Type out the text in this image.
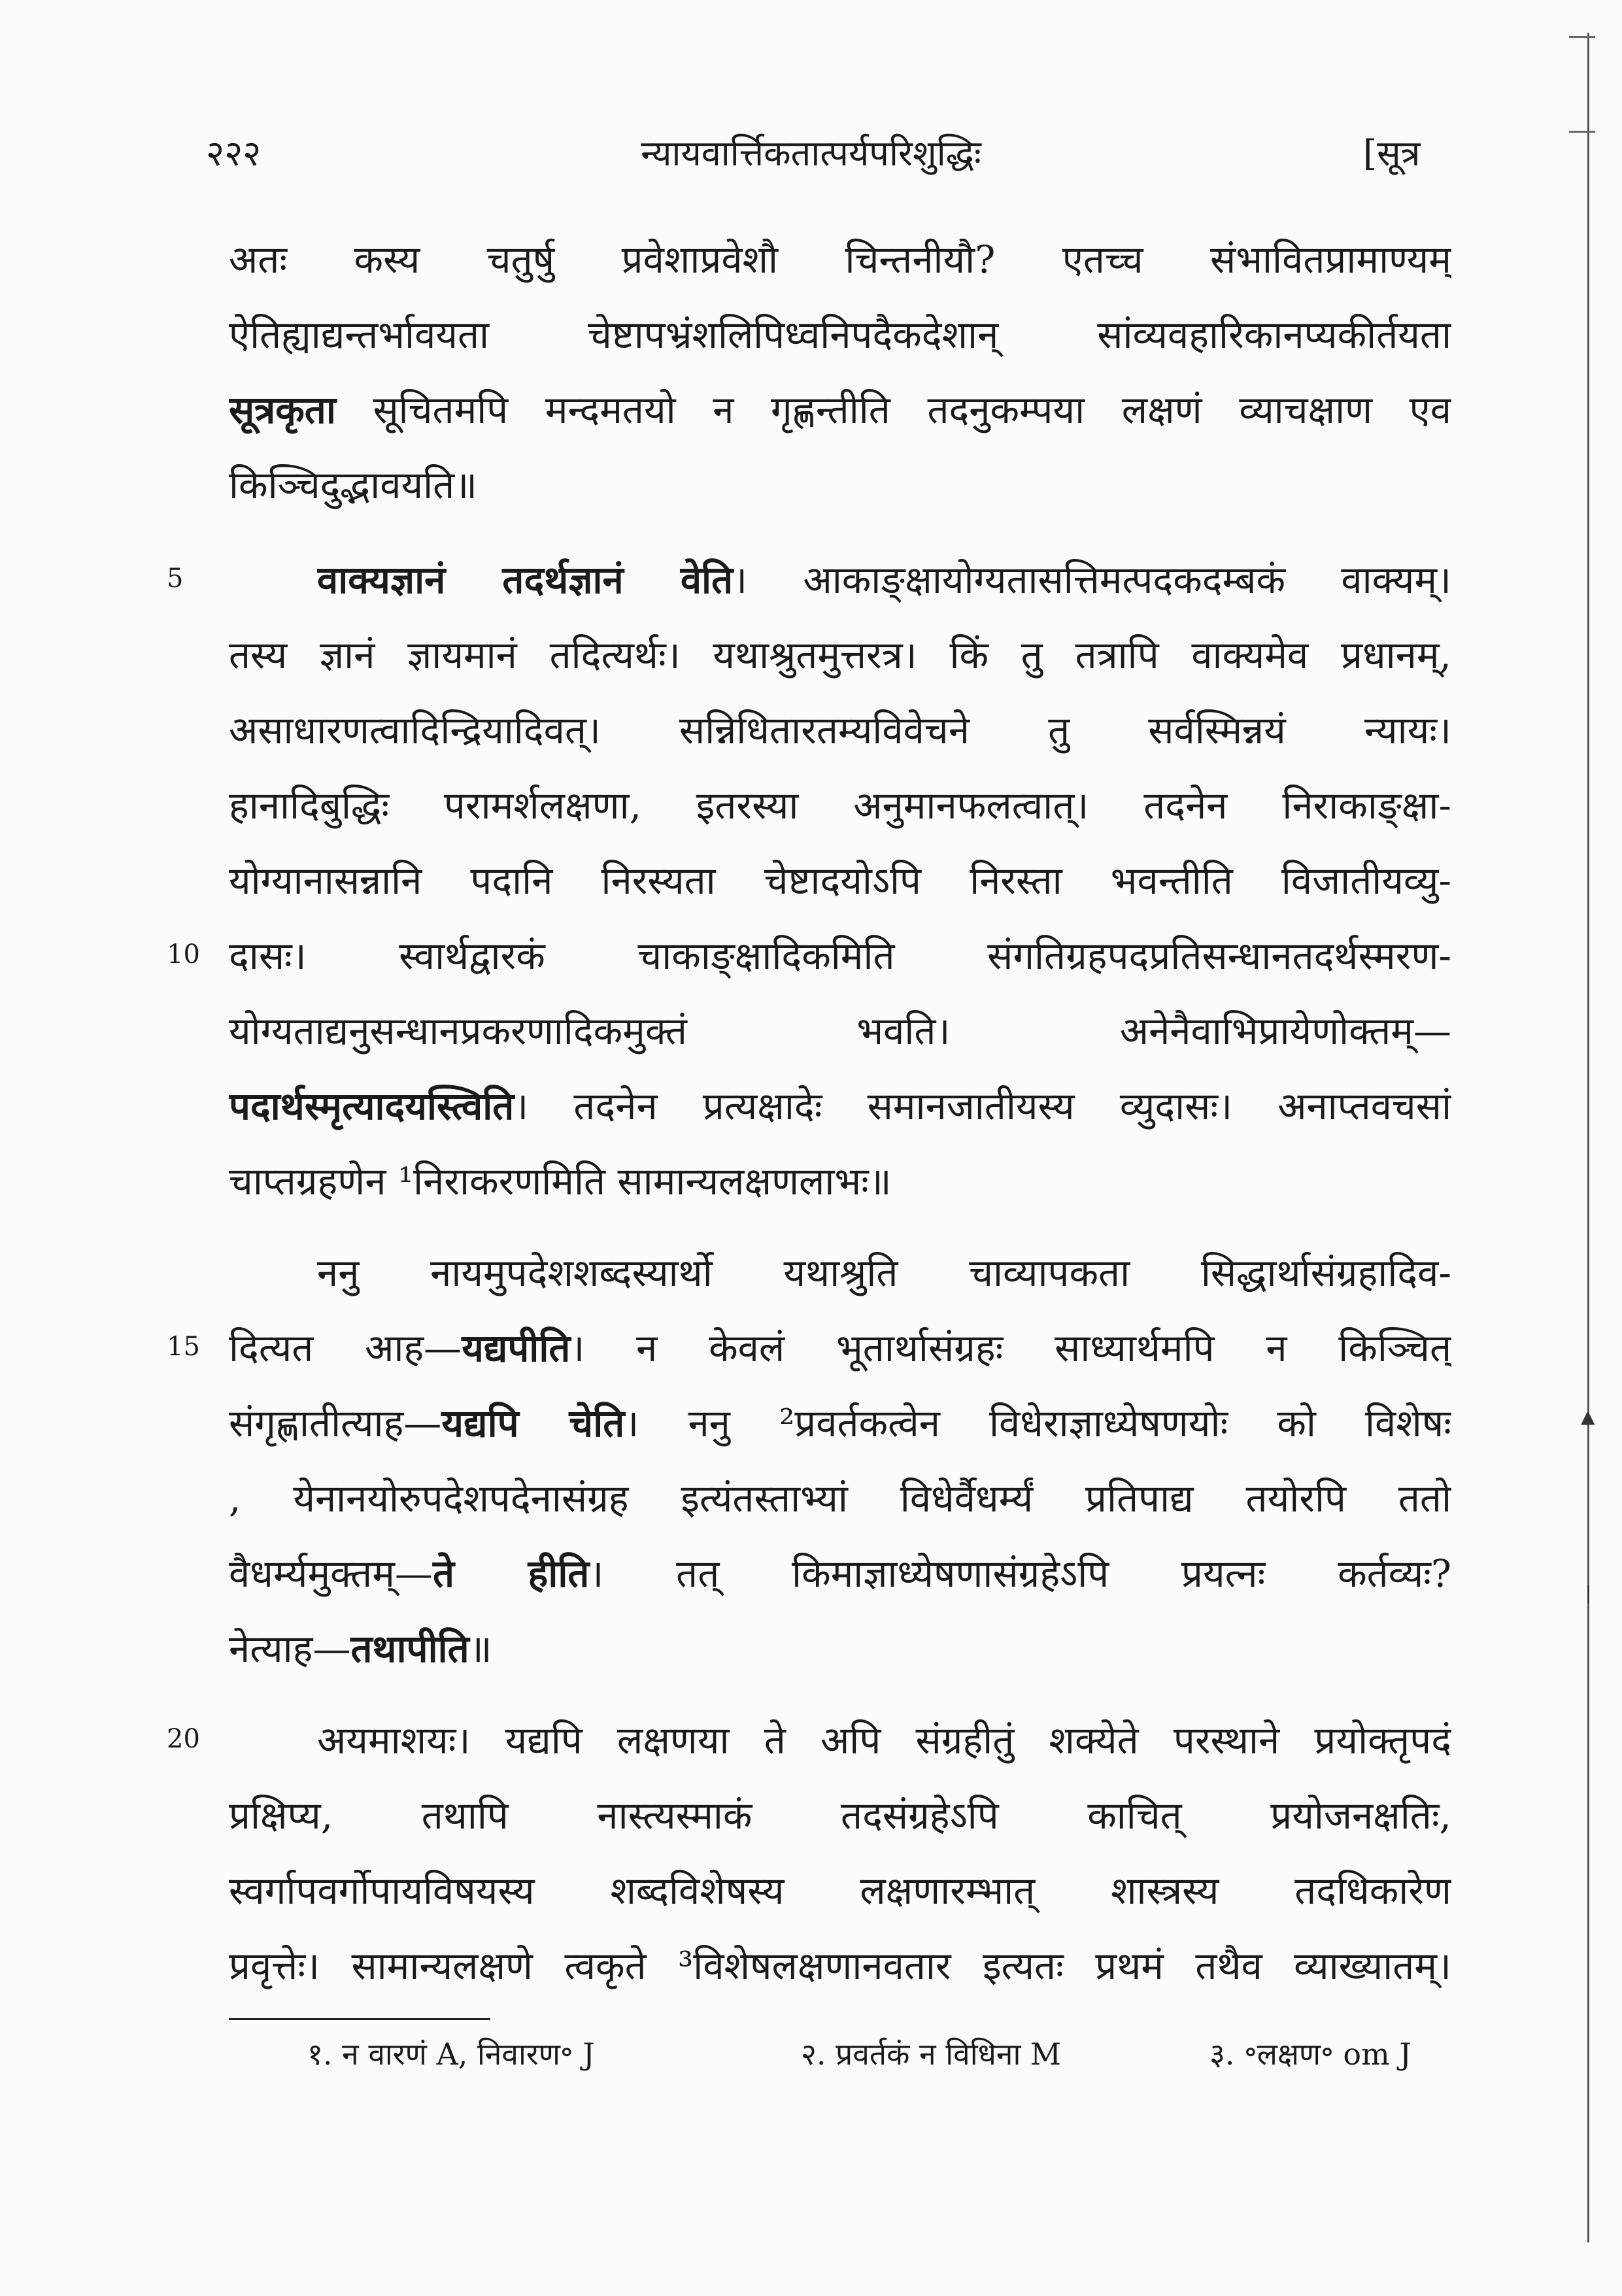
२२२	न्यायवार्त्तिकतात्पर्यपरिशुद्धिः	[सूत्र
अतः कस्य चतुर्षु प्रवेशाप्रवेशौ चिन्तनीयौ? एतच्च संभावितप्रामाण्यम्
ऐतिह्याद्यन्तर्भावयता चेष्टापभ्रंशलिपिध्वनिपदैकदेशान् सांव्यवहारिकानप्यकीर्तयता
सूत्रकृता सूचितमपि मन्दमतयो न गृह्णन्तीति तदनुकम्पया लक्षणं व्याचक्षाण एव
किञ्चिदुद्भावयति॥
5	वाक्यज्ञानं तदर्थज्ञानं वेति। आकाङ्क्षायोग्यतासत्तिमत्पदकदम्बकं वाक्यम्।
तस्य ज्ञानं ज्ञायमानं तदित्यर्थः। यथाश्रुतमुत्तरत्र। किं तु तत्रापि वाक्यमेव प्रधानम्,
असाधारणत्वादिन्द्रियादिवत्। सन्निधितारतम्यविवेचने तु सर्वस्मिन्नयं न्यायः।
हानादिबुद्धिः परामर्शलक्षणा, इतरस्या अनुमानफलत्वात्। तदनेन निराकाङ्क्षा-
योग्यानासन्नानि पदानि निरस्यता चेष्टादयोऽपि निरस्ता भवन्तीति विजातीयव्यु-
10 दासः। स्वार्थद्वारकं चाकाङ्क्षादिकमिति संगतिग्रहपदप्रतिसन्धानतदर्थस्मरण-
योग्यताद्यनुसन्धानप्रकरणादिकमुक्तं भवति। अनेनैवाभिप्रायेणोक्तम्—
पदार्थस्मृत्यादयस्त्विति। तदनेन प्रत्यक्षादेः समानजातीयस्य व्युदासः। अनाप्तवचसां
चाप्तग्रहणेन ¹निराकरणमिति सामान्यलक्षणलाभः॥
ननु नायमुपदेशशब्दस्यार्थो यथाश्रुति चाव्यापकता सिद्धार्थासंग्रहादिव-
15 दित्यत आह—यद्यपीति। न केवलं भूतार्थासंग्रहः साध्यार्थमपि न किञ्चित्
संगृह्णातीत्याह—यद्यपि चेति। ननु ²प्रवर्तकत्वेन विधेराज्ञाध्येषणयोः को विशेषः
, येनानयोरुपदेशपदेनासंग्रह इत्यंतस्ताभ्यां विधेर्वैधर्म्यं प्रतिपाद्य तयोरपि ततो
वैधर्म्यमुक्तम्—ते हीति। तत् किमाज्ञाध्येषणासंग्रहेऽपि प्रयत्नः कर्तव्यः?
नेत्याह—तथापीति॥
20	अयमाशयः। यद्यपि लक्षणया ते अपि संग्रहीतुं शक्येते परस्थाने प्रयोक्तृपदं
प्रक्षिप्य, तथापि नास्त्यस्माकं तदसंग्रहेऽपि काचित् प्रयोजनक्षतिः,
स्वर्गापवर्गोपायविषयस्य शब्दविशेषस्य लक्षणारम्भात् शास्त्रस्य तदधिकारेण
प्रवृत्तेः। सामान्यलक्षणे त्वकृते ³विशेषलक्षणानवतार इत्यतः प्रथमं तथैव व्याख्यातम्।
१. न वारणं A, निवारण॰ J	२. प्रवर्तकं न विधिना M	३. ॰लक्षण॰ om J
▲
❘
